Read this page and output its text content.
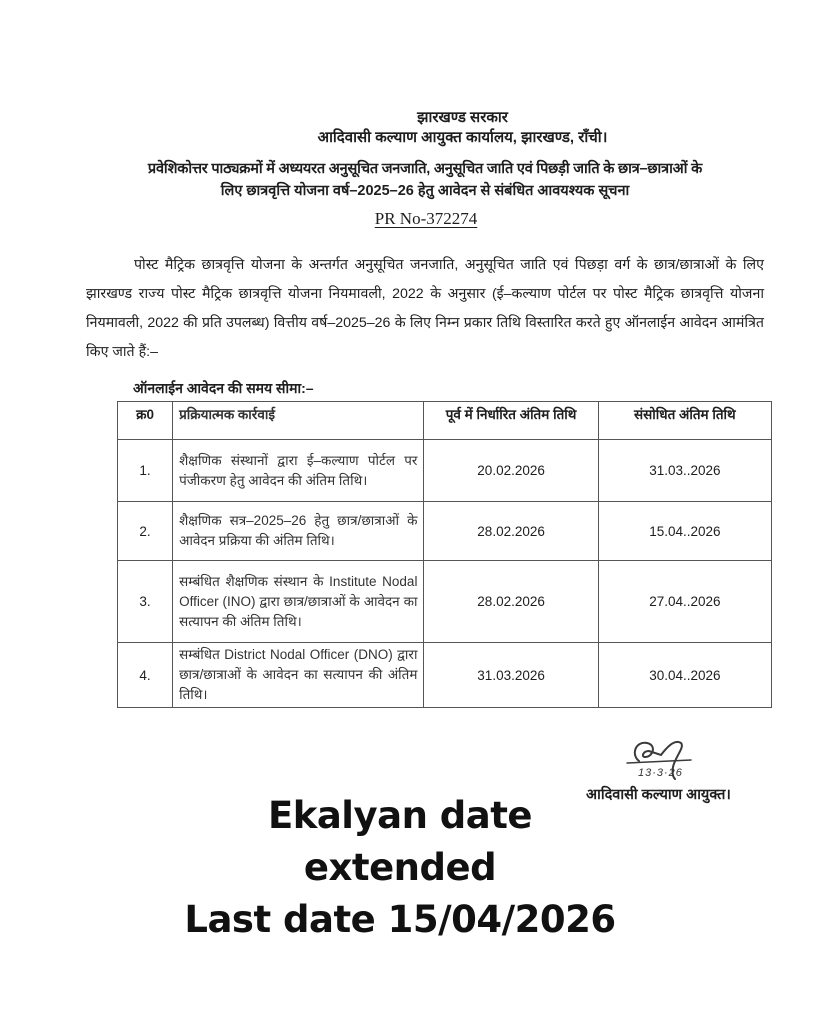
झारखण्ड सरकार
आदिवासी कल्याण आयुक्त कार्यालय, झारखण्ड, राँची।
प्रवेशिकोत्तर पाठ्यक्रमों में अध्ययरत अनुसूचित जनजाति, अनुसूचित जाति एवं पिछड़ी जाति के छात्र–छात्राओं के
लिए छात्रवृत्ति योजना वर्ष–2025–26 हेतु आवेदन से संबंधित आवयश्यक सूचना
PR No-372274

पोस्ट मैट्रिक छात्रवृत्ति योजना के अन्तर्गत अनुसूचित जनजाति, अनुसूचित जाति एवं पिछड़ा वर्ग के छात्र/छात्राओं के लिए झारखण्ड राज्य पोस्ट मैट्रिक छात्रवृत्ति योजना नियमावली, 2022 के अनुसार (ई–कल्याण पोर्टल पर पोस्ट मैट्रिक छात्रवृत्ति योजना नियमावली, 2022 की प्रति उपलब्ध) वित्तीय वर्ष–2025–26 के लिए निम्न प्रकार तिथि विस्तारित करते हुए ऑनलाईन आवेदन आमंत्रित किए जाते हैं:–

ऑनलाईन आवेदन की समय सीमा:–
क्र0	प्रक्रियात्मक कार्रवाई	पूर्व में निर्धारित अंतिम तिथि	संसोधित अंतिम तिथि
1.	शैक्षणिक संस्थानों द्वारा ई–कल्याण पोर्टल पर पंजीकरण हेतु आवेदन की अंतिम तिथि।	20.02.2026	31.03..2026
2.	शैक्षणिक सत्र–2025–26 हेतु छात्र/छात्राओं के आवेदन प्रक्रिया की अंतिम तिथि।	28.02.2026	15.04..2026
3.	सम्बंधित शैक्षणिक संस्थान के Institute Nodal Officer (INO) द्वारा छात्र/छात्राओं के आवेदन का सत्यापन की अंतिम तिथि।	28.02.2026	27.04..2026
4.	सम्बंधित District Nodal Officer (DNO) द्वारा छात्र/छात्राओं के आवेदन का सत्यापन की अंतिम तिथि।	31.03.2026	30.04..2026
13·3·26
आदिवासी कल्याण आयुक्त।
Ekalyan date
extended
Last date 15/04/2026
